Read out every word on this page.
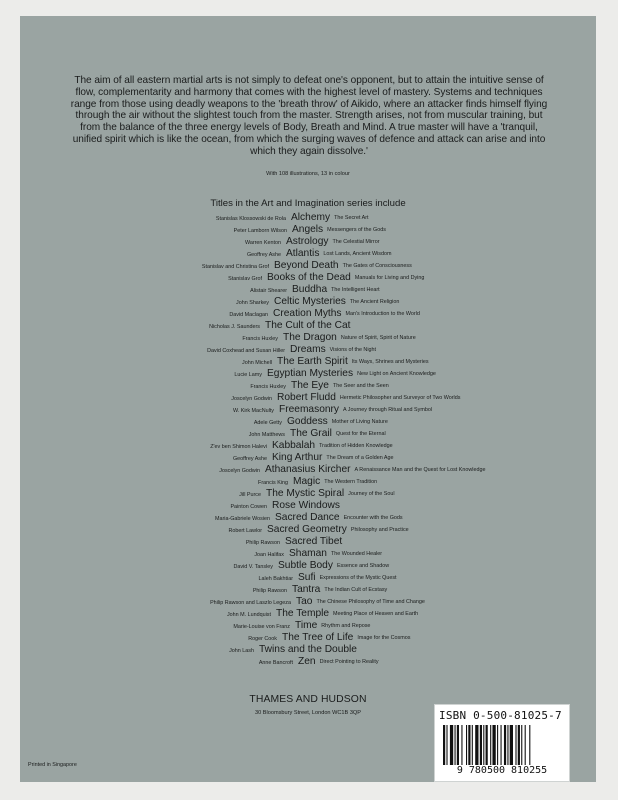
The aim of all eastern martial arts is not simply to defeat one's opponent, but to attain the intuitive sense of flow, complementarity and harmony that comes with the highest level of mastery. Systems and techniques range from those using deadly weapons to the 'breath throw' of Aikido, where an attacker finds himself flying through the air without the slightest touch from the master. Strength arises, not from muscular training, but from the balance of the three energy levels of Body, Breath and Mind. A true master will have a 'tranquil, unified spirit which is like the ocean, from which the surging waves of defence and attack can arise and into which they again dissolve.'

With 108 illustrations, 13 in colour

Titles in the Art and Imagination series include

Stanislas Klossowski de Rola Alchemy The Secret Art
Peter Lamborn Wilson Angels Messengers of the Gods
Warren Kenton Astrology The Celestial Mirror
Geoffrey Ashe Atlantis Lost Lands, Ancient Wisdom
Stanislav and Christina Grof Beyond Death The Gates of Consciousness
Stanislav Grof Books of the Dead Manuals for Living and Dying
Alistair Shearer Buddha The Intelligent Heart
John Sharkey Celtic Mysteries The Ancient Religion
David Maclagan Creation Myths Man's Introduction to the World
Nicholas J. Saunders The Cult of the Cat
Francis Huxley The Dragon Nature of Spirit, Spirit of Nature
David Coxhead and Susan Hiller Dreams Visions of the Night
John Michell The Earth Spirit Its Ways, Shrines and Mysteries
Lucie Lamy Egyptian Mysteries New Light on Ancient Knowledge
Francis Huxley The Eye The Seer and the Seen
Joscelyn Godwin Robert Fludd Hermetic Philosopher and Surveyor of Two Worlds
W. Kirk MacNulty Freemasonry A Journey through Ritual and Symbol
Adele Getty Goddess Mother of Living Nature
John Matthews The Grail Quest for the Eternal
Z'ev ben Shimon Halevi Kabbalah Tradition of Hidden Knowledge
Geoffrey Ashe King Arthur The Dream of a Golden Age
Joscelyn Godwin Athanasius Kircher A Renaissance Man and the Quest for Lost Knowledge
Francis King Magic The Western Tradition
Jill Purce The Mystic Spiral Journey of the Soul
Painton Cowen Rose Windows
Maria-Gabriele Wosien Sacred Dance Encounter with the Gods
Robert Lawlor Sacred Geometry Philosophy and Practice
Philip Rawson Sacred Tibet
Joan Halifax Shaman The Wounded Healer
David V. Tansley Subtle Body Essence and Shadow
Laleh Bakhtiar Sufi Expressions of the Mystic Quest
Philip Rawson Tantra The Indian Cult of Ecstasy
Philip Rawson and Laszlo Legeza Tao The Chinese Philosophy of Time and Change
John M. Lundquist The Temple Meeting Place of Heaven and Earth
Marie-Louise von Franz Time Rhythm and Repose
Roger Cook The Tree of Life Image for the Cosmos
John Lash Twins and the Double
Anne Bancroft Zen Direct Pointing to Reality

THAMES AND HUDSON

30 Bloomsbury Street, London WC1B 3QP

Printed in Singapore

ISBN 0-500-81025-7

9 780500 810255
